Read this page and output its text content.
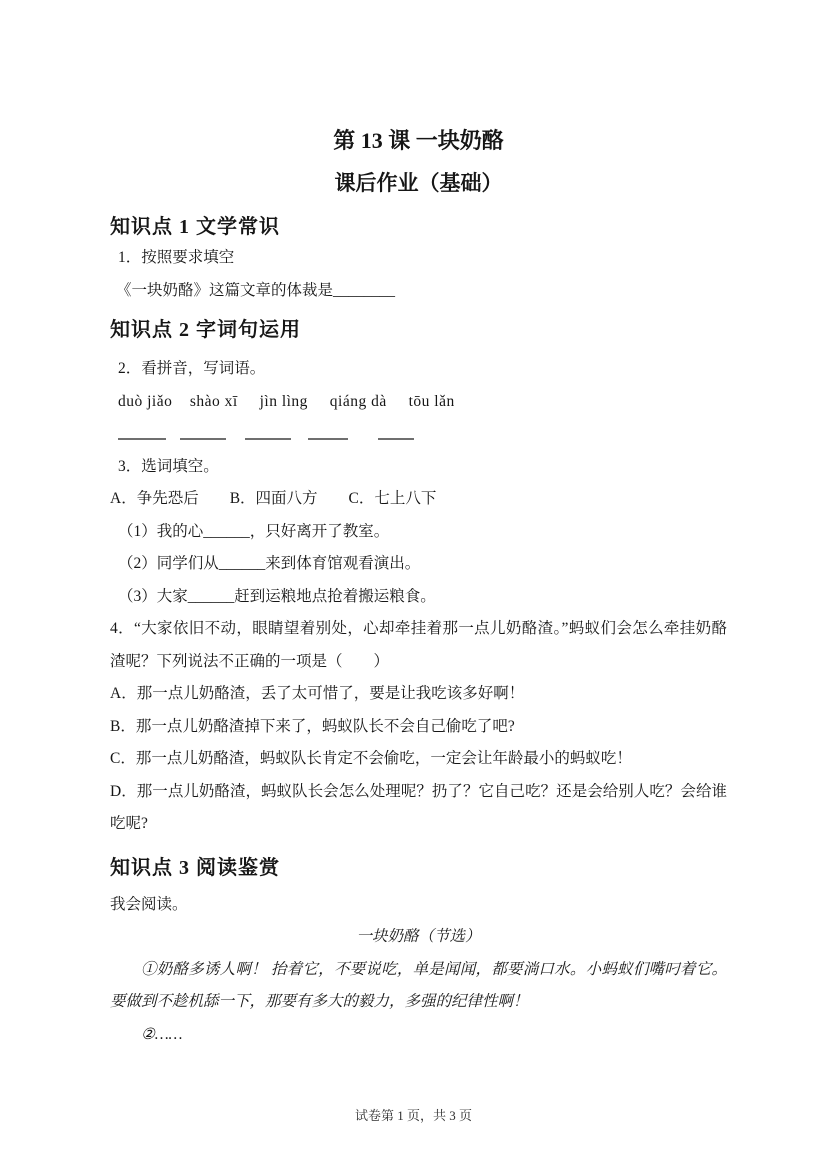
第 13 课 一块奶酪
课后作业（基础）
知识点 1 文学常识

1．按照要求填空

《一块奶酪》这篇文章的体裁是________

知识点 2 字词句运用

2．看拼音，写词语。

duò jiǎo    shào xī     jìn lìng     qiáng dà     tōu lǎn

3．选词填空。

A．争先恐后　　B．四面八方　　C．七上八下

（1）我的心______，只好离开了教室。

（2）同学们从______来到体育馆观看演出。

（3）大家______赶到运粮地点抢着搬运粮食。

4．“大家依旧不动，眼睛望着别处，心却牵挂着那一点儿奶酪渣。”蚂蚁们会怎么牵挂奶酪渣呢？下列说法不正确的一项是（　　）

A．那一点儿奶酪渣，丢了太可惜了，要是让我吃该多好啊！

B．那一点儿奶酪渣掉下来了，蚂蚁队长不会自己偷吃了吧?

C．那一点儿奶酪渣，蚂蚁队长肯定不会偷吃，一定会让年龄最小的蚂蚁吃！

D．那一点儿奶酪渣，蚂蚁队长会怎么处理呢？扔了？它自己吃？还是会给别人吃？会给谁吃呢?

知识点 3 阅读鉴赏

我会阅读。

一块奶酪（节选）

①奶酪多诱人啊！ 抬着它，不要说吃，单是闻闻，都要淌口水。小蚂蚁们嘴叼着它。要做到不趁机舔一下，那要有多大的毅力，多强的纪律性啊！

②……

试卷第 1 页，共 3 页
